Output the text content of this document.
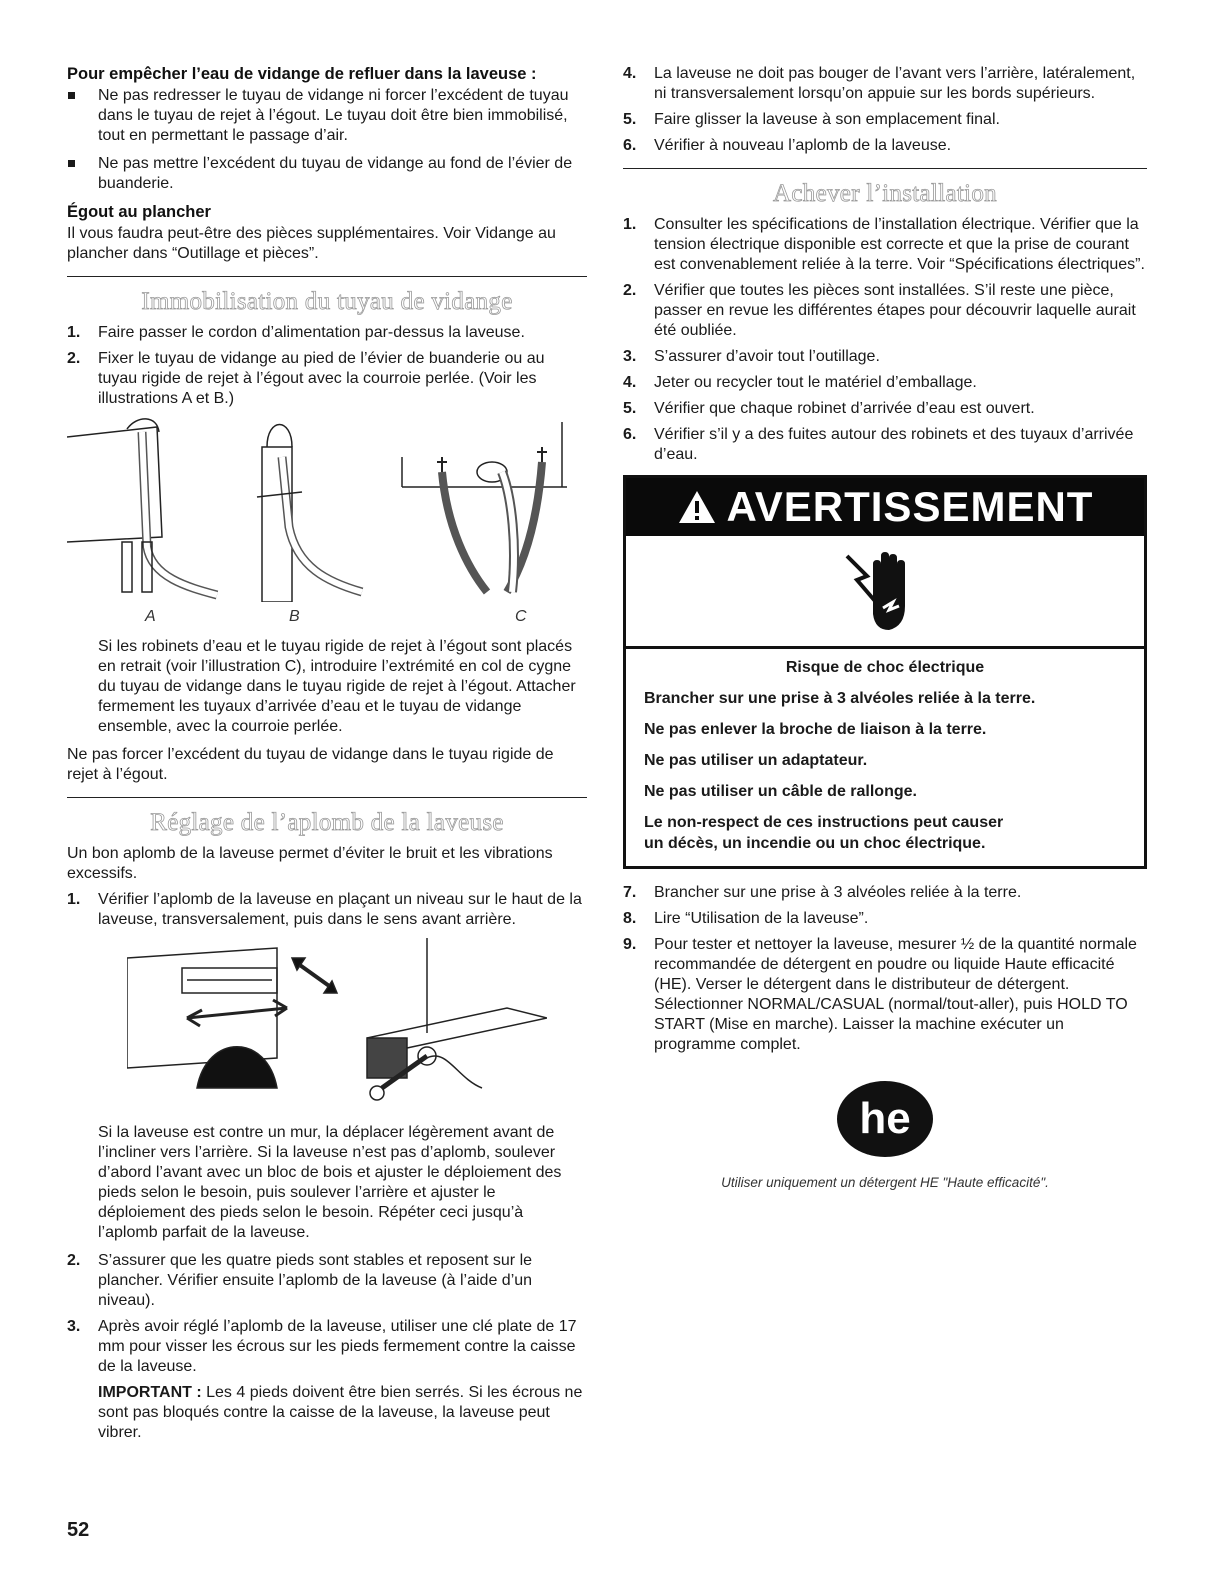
Pour empêcher l’eau de vidange de refluer dans la laveuse :
Ne pas redresser le tuyau de vidange ni forcer l’excédent de tuyau dans le tuyau de rejet à l’égout. Le tuyau doit être bien immobilisé, tout en permettant le passage d’air.
Ne pas mettre l’excédent du tuyau de vidange au fond de l’évier de buanderie.
Égout au plancher

Il vous faudra peut-être des pièces supplémentaires. Voir Vidange au plancher dans “Outillage et pièces”.

Immobilisation du tuyau de vidange
1. Faire passer le cordon d’alimentation par-dessus la laveuse.
2. Fixer le tuyau de vidange au pied de l’évier de buanderie ou au tuyau rigide de rejet à l’égout avec la courroie perlée. (Voir les illustrations A et B.)
A	B	C

Si les robinets d’eau et le tuyau rigide de rejet à l’égout sont placés en retrait (voir l’illustration C), introduire l’extrémité en col de cygne du tuyau de vidange dans le tuyau rigide de rejet à l’égout. Attacher fermement les tuyaux d’arrivée d’eau et le tuyau de vidange ensemble, avec la courroie perlée.

Ne pas forcer l’excédent du tuyau de vidange dans le tuyau rigide de rejet à l’égout.

Réglage de l’aplomb de la laveuse

Un bon aplomb de la laveuse permet d’éviter le bruit et les vibrations excessifs.

1. Vérifier l’aplomb de la laveuse en plaçant un niveau sur le haut de la laveuse, transversalement, puis dans le sens avant arrière.

Si la laveuse est contre un mur, la déplacer légèrement avant de l’incliner vers l’arrière. Si la laveuse n’est pas d’aplomb, soulever d’abord l’avant avec un bloc de bois et ajuster le déploiement des pieds selon le besoin, puis soulever l’arrière et ajuster le déploiement des pieds selon le besoin. Répéter ceci jusqu’à l’aplomb parfait de la laveuse.

2. S’assurer que les quatre pieds sont stables et reposent sur le plancher. Vérifier ensuite l’aplomb de la laveuse (à l’aide d’un niveau).
3. Après avoir réglé l’aplomb de la laveuse, utiliser une clé plate de 17 mm pour visser les écrous sur les pieds fermement contre la caisse de la laveuse.

IMPORTANT : Les 4 pieds doivent être bien serrés. Si les écrous ne sont pas bloqués contre la caisse de la laveuse, la laveuse peut vibrer.

4. La laveuse ne doit pas bouger de l’avant vers l’arrière, latéralement, ni transversalement lorsqu’on appuie sur les bords supérieurs.
5. Faire glisser la laveuse à son emplacement final.
6. Vérifier à nouveau l’aplomb de la laveuse.
Achever l’installation
1. Consulter les spécifications de l’installation électrique. Vérifier que la tension électrique disponible est correcte et que la prise de courant est convenablement reliée à la terre. Voir “Spécifications électriques”.
2. Vérifier que toutes les pièces sont installées. S’il reste une pièce, passer en revue les différentes étapes pour découvrir laquelle aurait été oubliée.
3. S’assurer d’avoir tout l’outillage.
4. Jeter ou recycler tout le matériel d’emballage.
5. Vérifier que chaque robinet d’arrivée d’eau est ouvert.
6. Vérifier s’il y a des fuites autour des robinets et des tuyaux d’arrivée d’eau.
AVERTISSEMENT

Risque de choc électrique

Brancher sur une prise à 3 alvéoles reliée à la terre.

Ne pas enlever la broche de liaison à la terre.

Ne pas utiliser un adaptateur.

Ne pas utiliser un câble de rallonge.

Le non-respect de ces instructions peut causer
un décès, un incendie ou un choc électrique.

7. Brancher sur une prise à 3 alvéoles reliée à la terre.
8. Lire “Utilisation de la laveuse”.
9. Pour tester et nettoyer la laveuse, mesurer ½ de la quantité normale recommandée de détergent en poudre ou liquide Haute efficacité (HE). Verser le détergent dans le distributeur de détergent. Sélectionner NORMAL/CASUAL (normal/tout-aller), puis HOLD TO START (Mise en marche). Laisser la machine exécuter un programme complet.
he
Utiliser uniquement un détergent HE "Haute efficacité".
52
